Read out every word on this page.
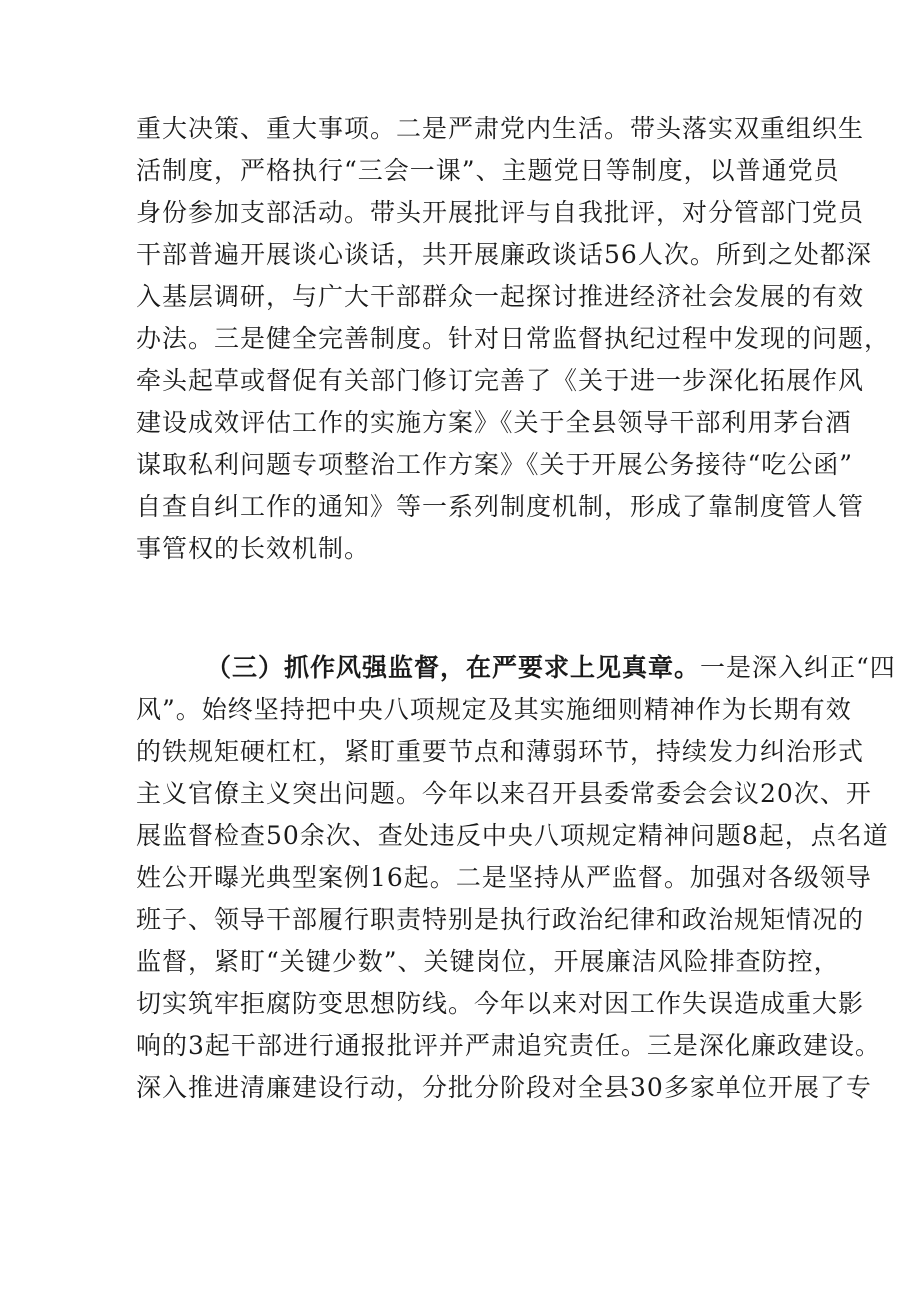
重大决策、重大事项。二是严肃党内生活。带头落实双重组织生
活制度，严格执行“三会一课”、主题党日等制度，以普通党员
身份参加支部活动。带头开展批评与自我批评，对分管部门党员
干部普遍开展谈心谈话，共开展廉政谈话56人次。所到之处都深
入基层调研，与广大干部群众一起探讨推进经济社会发展的有效
办法。三是健全完善制度。针对日常监督执纪过程中发现的问题，
牵头起草或督促有关部门修订完善了《关于进一步深化拓展作风
建设成效评估工作的实施方案》《关于全县领导干部利用茅台酒
谋取私利问题专项整治工作方案》《关于开展公务接待“吃公函”
自查自纠工作的通知》等一系列制度机制，形成了靠制度管人管
事管权的长效机制。
（三）抓作风强监督，在严要求上见真章。一是深入纠正“四
风”。始终坚持把中央八项规定及其实施细则精神作为长期有效
的铁规矩硬杠杠，紧盯重要节点和薄弱环节，持续发力纠治形式
主义官僚主义突出问题。今年以来召开县委常委会会议20次、开
展监督检查50余次、查处违反中央八项规定精神问题8起，点名道
姓公开曝光典型案例16起。二是坚持从严监督。加强对各级领导
班子、领导干部履行职责特别是执行政治纪律和政治规矩情况的
监督，紧盯“关键少数”、关键岗位，开展廉洁风险排查防控，
切实筑牢拒腐防变思想防线。今年以来对因工作失误造成重大影
响的3起干部进行通报批评并严肃追究责任。三是深化廉政建设。
深入推进清廉建设行动，分批分阶段对全县30多家单位开展了专
